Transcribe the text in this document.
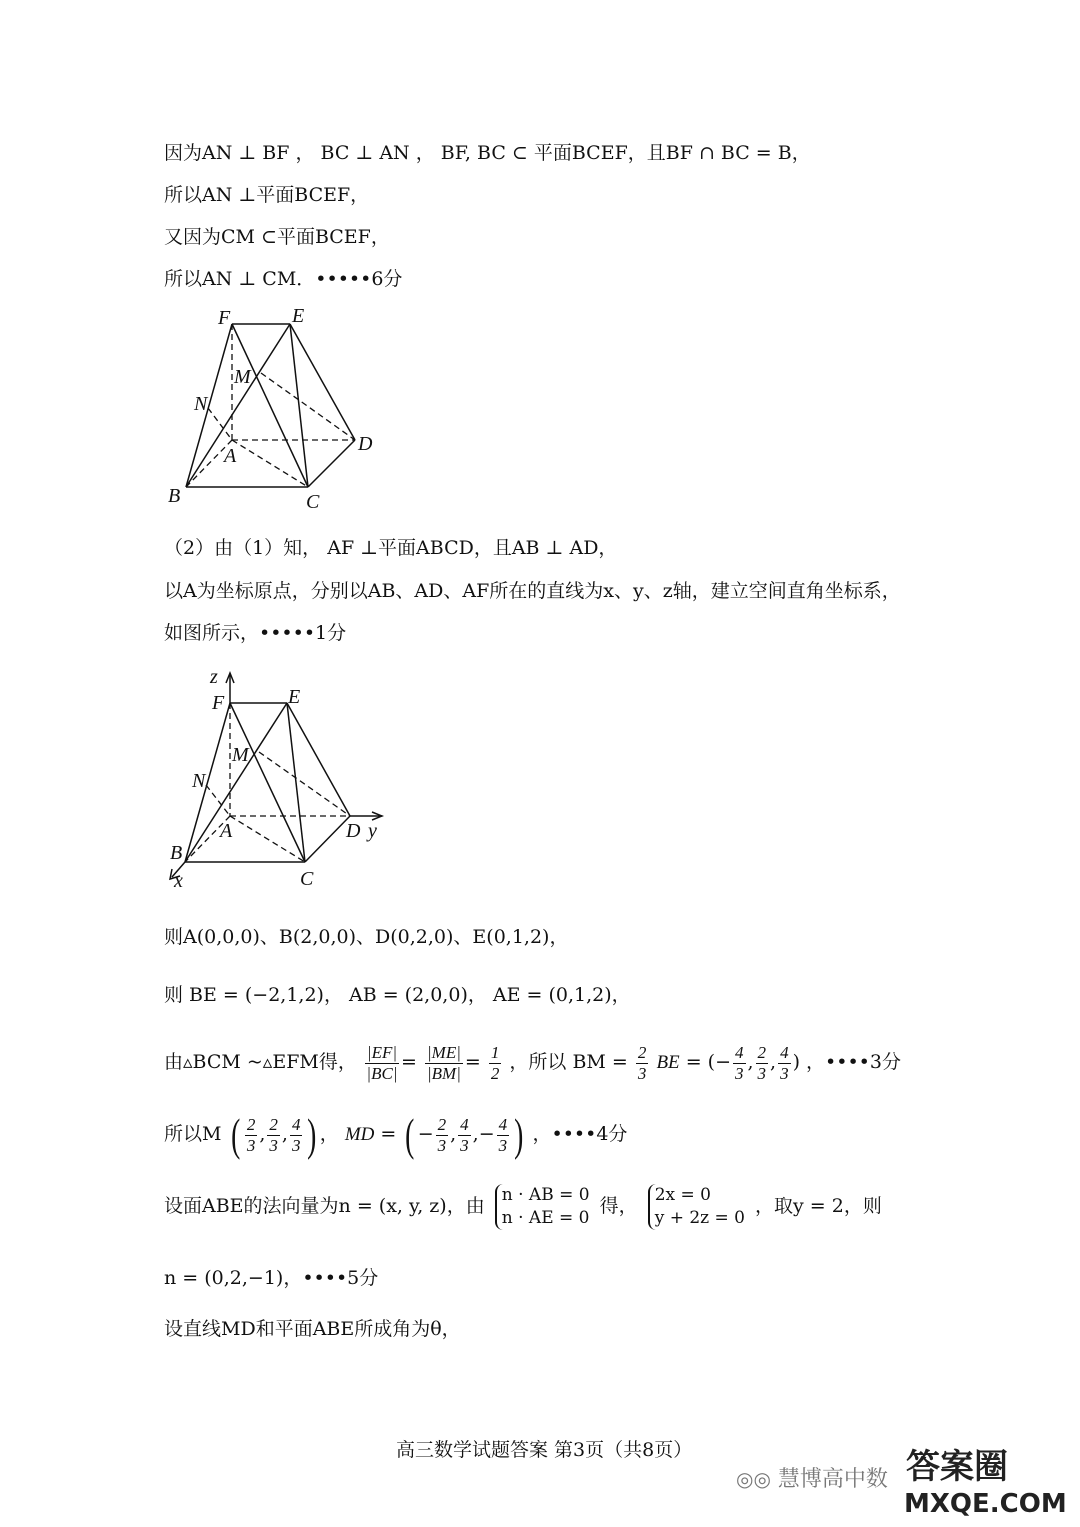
因为AN ⊥ BF ， BC ⊥ AN ， BF, BC ⊂ 平面BCEF，且BF ∩ BC = B，
所以AN ⊥平面BCEF，
又因为CM ⊂平面BCEF，
所以AN ⊥ CM．•••••6分
F	E
M
N
A
D
B	C
（2）由（1）知， AF ⊥平面ABCD，且AB ⊥ AD，
以A为坐标原点，分别以AB、AD、AF所在的直线为x、y、z轴，建立空间直角坐标系，
如图所示，•••••1分
z
F	E
M
N
A	D y
B
x	C
则A(0,0,0)、B(2,0,0)、D(0,2,0)、E(0,1,2)，
则 BE = (−2,1,2)， AB = (2,0,0)， AE = (0,1,2)，
由▵BCM ~▵EFM得， $\frac{|EF|}{|BC|} = \frac{|ME|}{|BM|} = \frac{1}{2}$ ，所以 BM = $\frac{2}{3}$ BE = (− $\frac{4}{3}$ , $\frac{2}{3}$ , $\frac{4}{3}$ ) ，••••3分
所以M ( $\frac{2}{3}$ , $\frac{2}{3}$ , $\frac{4}{3}$ ) ， MD = ( − $\frac{2}{3}$ , $\frac{4}{3}$ ,− $\frac{4}{3}$ ) ，••••4分
设面ABE的法向量为n = (x, y, z)，由 n · AB = 0
n · AE = 0
得， 2x = 0
y + 2z = 0
，取y = 2，则
n = (0,2,−1)，••••5分
设直线MD和平面ABE所成角为θ，
高三数学试题答案 第3页（共8页）
◎◎ 慧博高中数 答案圈
MXQE.COM
